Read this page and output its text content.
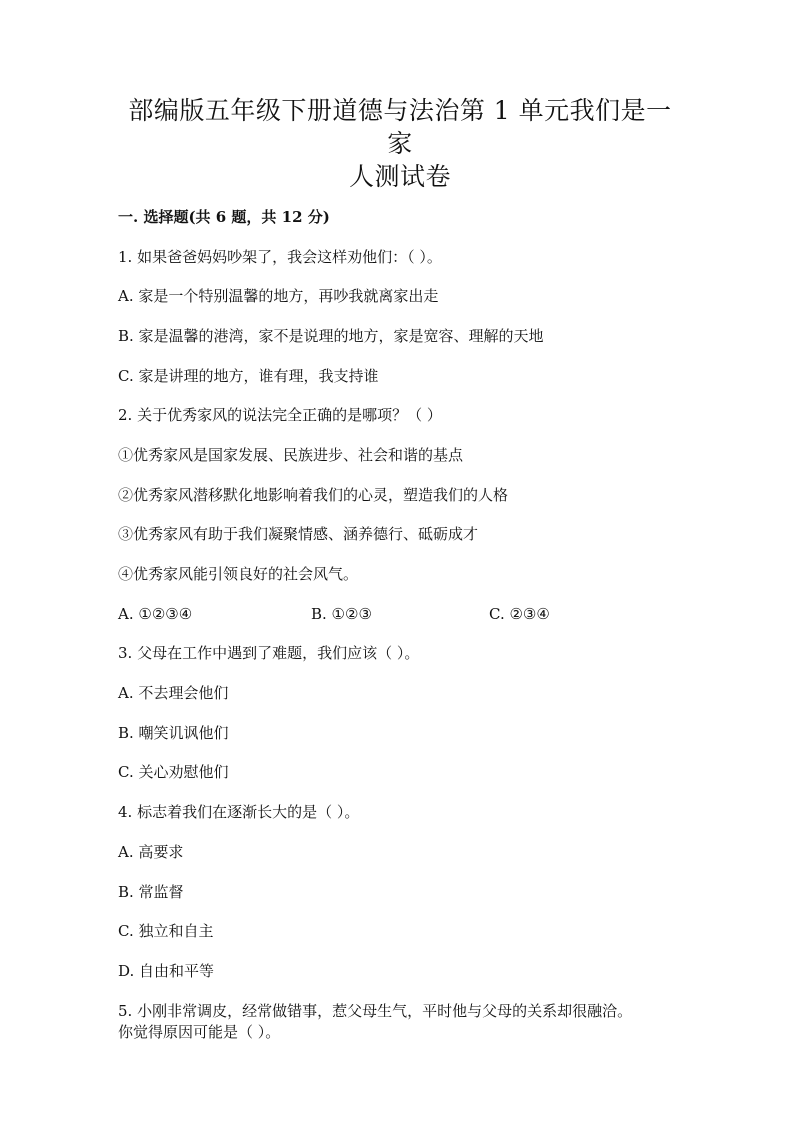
部编版五年级下册道德与法治第 1 单元我们是一家
人测试卷
一. 选择题(共 6 题，共 12 分)
1. 如果爸爸妈妈吵架了，我会这样劝他们：（ ）。
A. 家是一个特别温馨的地方，再吵我就离家出走
B. 家是温馨的港湾，家不是说理的地方，家是宽容、理解的天地
C. 家是讲理的地方，谁有理，我支持谁
2. 关于优秀家风的说法完全正确的是哪项？（ ）
①优秀家风是国家发展、民族进步、社会和谐的基点
②优秀家风潜移默化地影响着我们的心灵，塑造我们的人格
③优秀家风有助于我们凝聚情感、涵养德行、砥砺成才
④优秀家风能引领良好的社会风气。
A. ①②③④	B. ①②③	C. ②③④
3. 父母在工作中遇到了难题，我们应该（ ）。
A. 不去理会他们
B. 嘲笑讥讽他们
C. 关心劝慰他们
4. 标志着我们在逐渐长大的是（ ）。
A. 高要求
B. 常监督
C. 独立和自主
D. 自由和平等
5. 小刚非常调皮，经常做错事，惹父母生气，平时他与父母的关系却很融洽。
你觉得原因可能是（ ）。
